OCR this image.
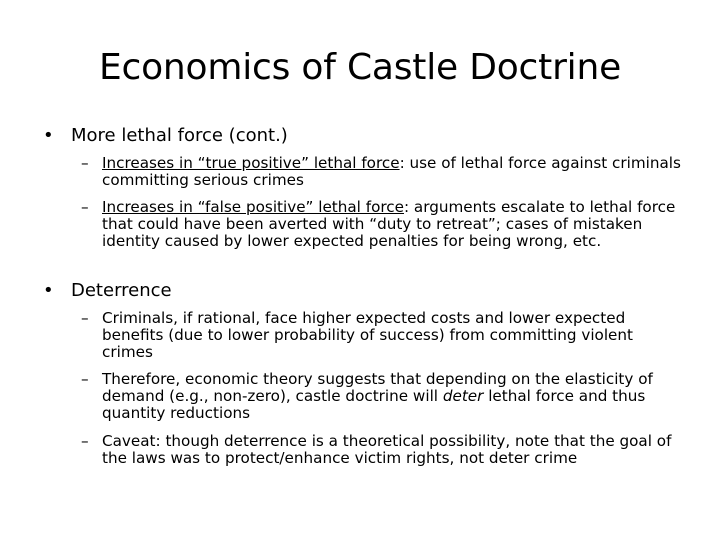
Economics of Castle Doctrine
• More lethal force (cont.)
– Increases in “true positive” lethal force: use of lethal force against criminals committing serious crimes
– Increases in “false positive” lethal force: arguments escalate to lethal force that could have been averted with “duty to retreat”; cases of mistaken identity caused by lower expected penalties for being wrong, etc.
• Deterrence
– Criminals, if rational, face higher expected costs and lower expected benefits (due to lower probability of success) from committing violent crimes
– Therefore, economic theory suggests that depending on the elasticity of demand (e.g., non-zero), castle doctrine will deter lethal force and thus quantity reductions
– Caveat: though deterrence is a theoretical possibility, note that the goal of the laws was to protect/enhance victim rights, not deter crime
